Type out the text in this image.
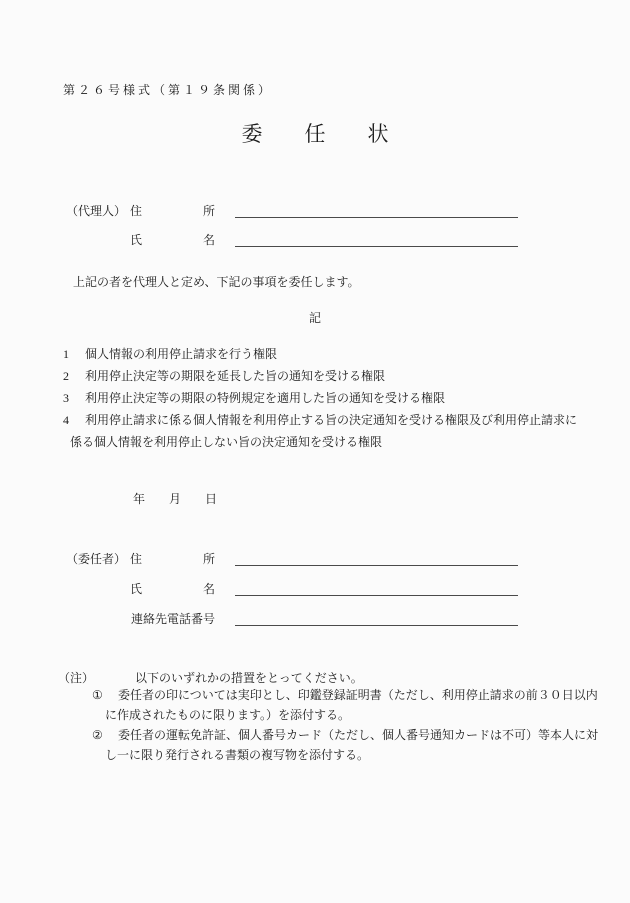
第２６号様式（第１９条関係）
委　　任　　状
（代理人） 住	所
氏	名
上記の者を代理人と定め、下記の事項を委任します。
記
1 個人情報の利用停止請求を行う権限
2 利用停止決定等の期限を延長した旨の通知を受ける権限
3 利用停止決定等の期限の特例規定を適用した旨の通知を受ける権限
4 利用停止請求に係る個人情報を利用停止する旨の決定通知を受ける権限及び利用停止請求に
係る個人情報を利用停止しない旨の決定通知を受ける権限
年　　月　　日
（委任者） 住	所
氏	名
連絡先電話番号
（注）	以下のいずれかの措置をとってください。
① 委任者の印については実印とし、印鑑登録証明書（ただし、利用停止請求の前３０日以内
に作成されたものに限ります。）を添付する。
② 委任者の運転免許証、個人番号カード（ただし、個人番号通知カードは不可）等本人に対
し一に限り発行される書類の複写物を添付する。
